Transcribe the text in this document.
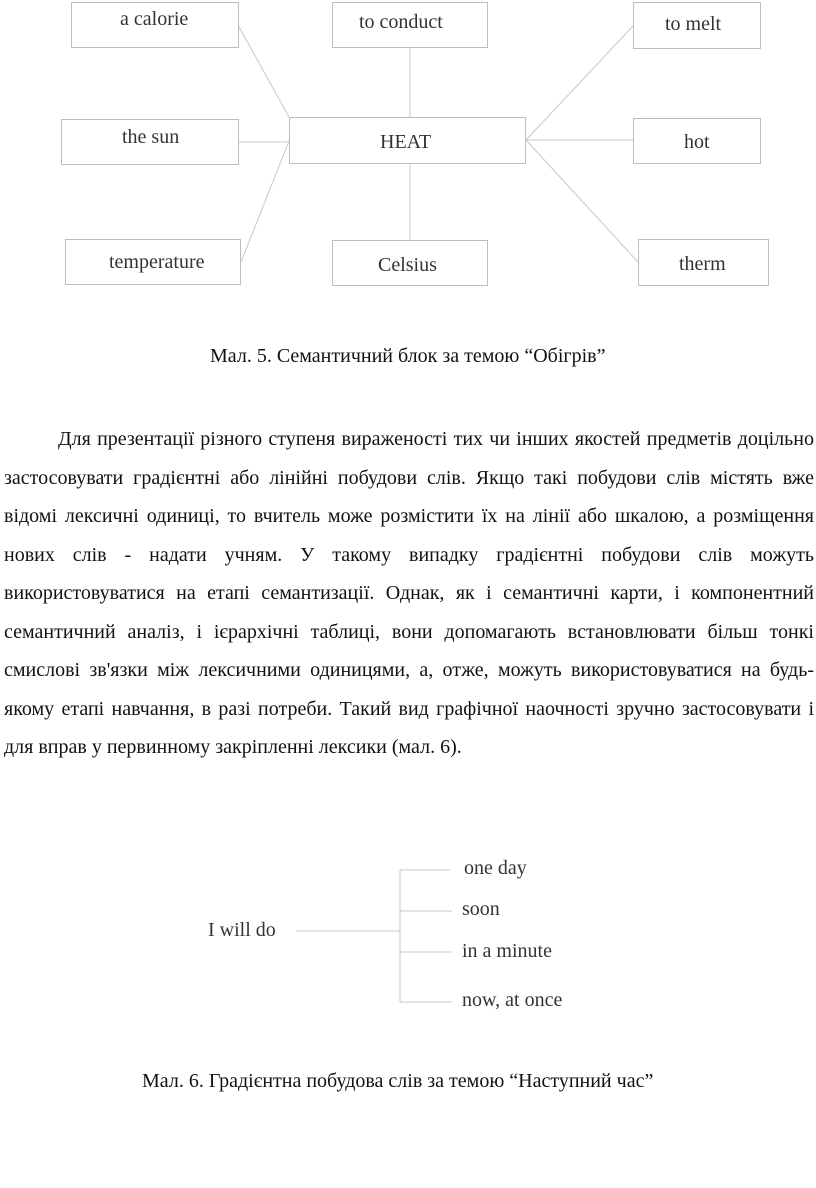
a calorie	to conduct	to melt
the sun	HEAT	hot
temperature	Celsius	therm
Мал. 5. Семантичний блок за темою “Обігрів”

Для презентації різного ступеня вираженості тих чи інших якостей предметів доцільно застосовувати градієнтні або лінійні побудови слів. Якщо такі побудови слів містять вже відомі лексичні одиниці, то вчитель може розмістити їх на лінії або шкалою, а розміщення нових слів - надати учням. У такому випадку градієнтні побудови слів можуть використовуватися на етапі семантизації. Однак, як і семантичні карти, і компонентний семантичний аналіз, і ієрархічні таблиці, вони допомагають встановлювати більш тонкі смислові зв'язки між лексичними одиницями, а, отже, можуть використовуватися на будь-якому етапі навчання, в разі потреби. Такий вид графічної наочності зручно застосовувати і для вправ у первинному закріпленні лексики (мал. 6).

I will do
one day
soon
in a minute
now, at once
Мал. 6. Градієнтна побудова слів за темою “Наступний час”
